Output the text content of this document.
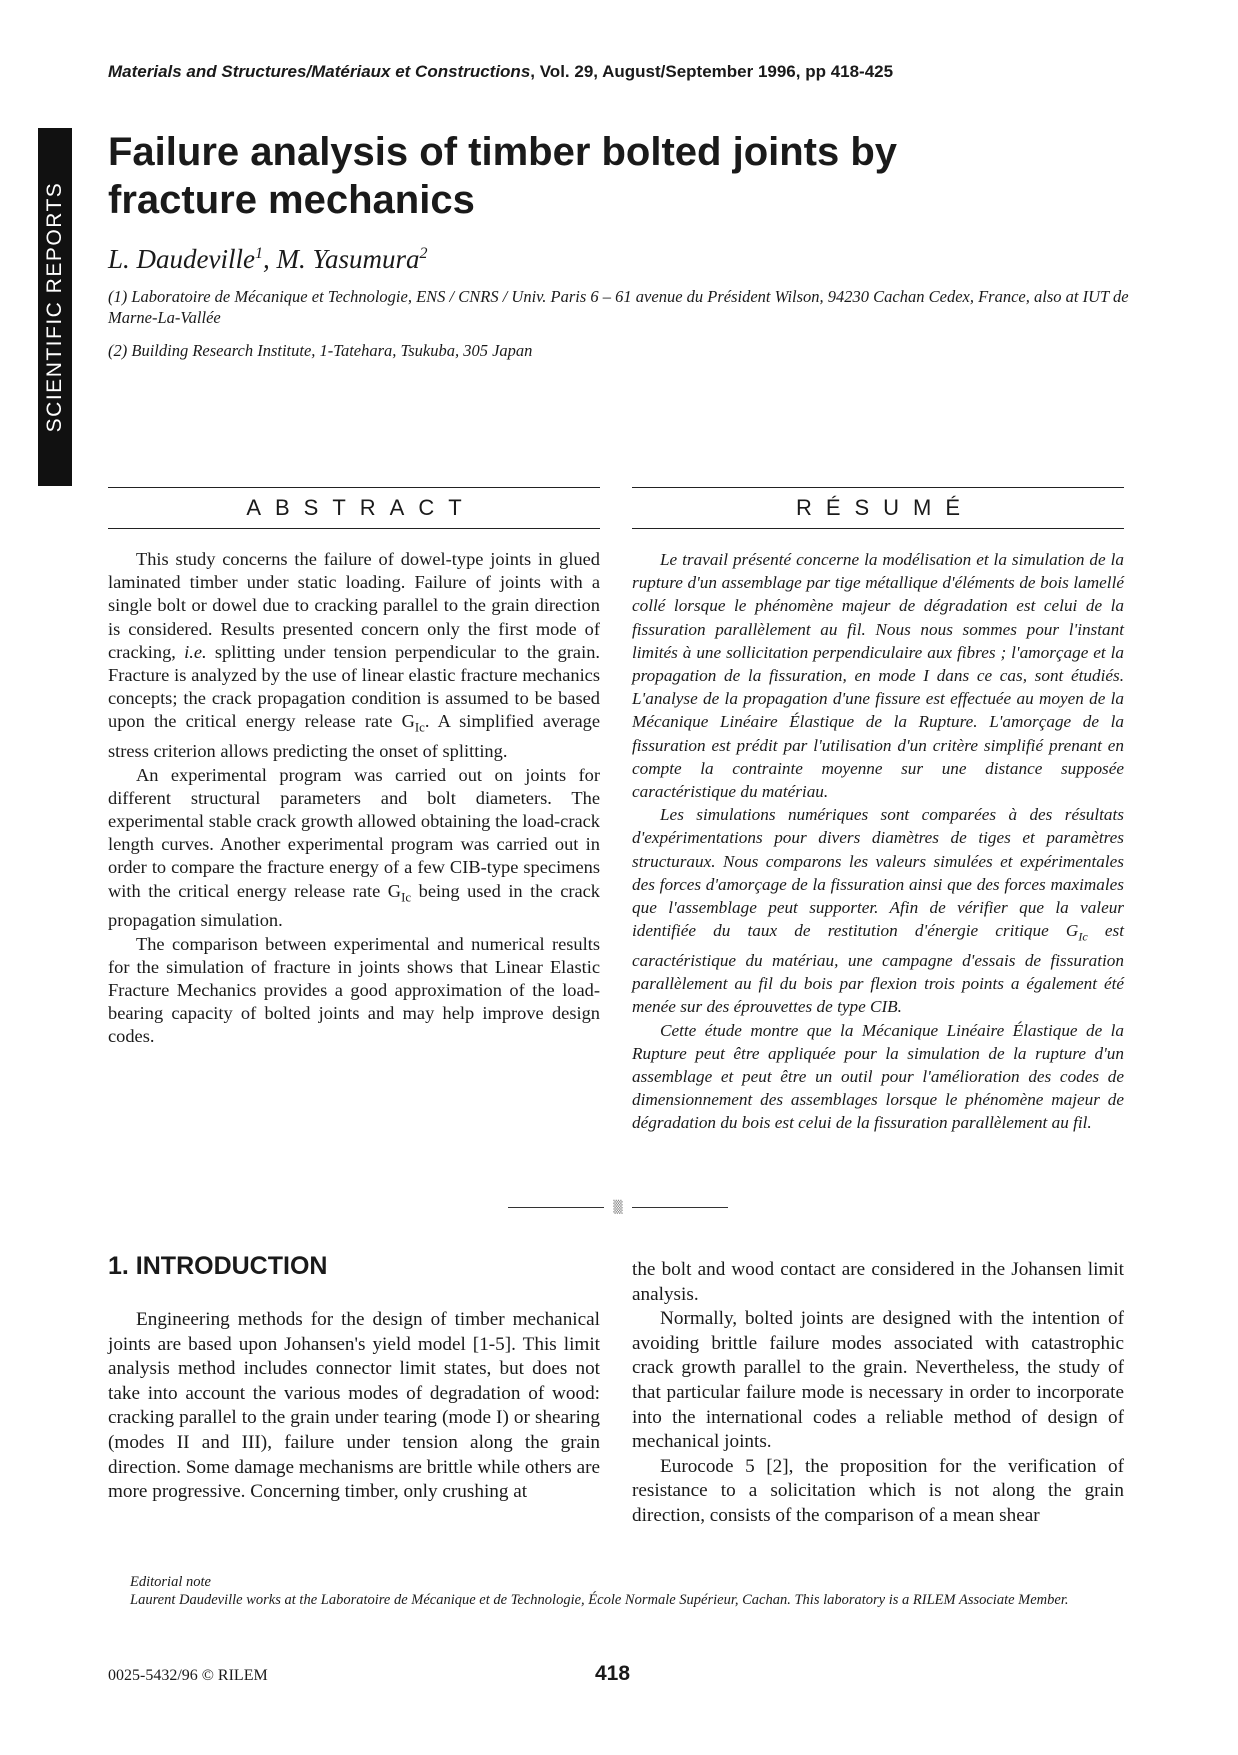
Materials and Structures/Matériaux et Constructions, Vol. 29, August/September 1996, pp 418-425
SCIENTIFIC REPORTS
Failure analysis of timber bolted joints by fracture mechanics
L. Daudeville$^1$, M. Yasumura$^2$
(1) Laboratoire de Mécanique et Technologie, ENS / CNRS / Univ. Paris 6 – 61 avenue du Président Wilson, 94230 Cachan Cedex, France, also at IUT de Marne-La-Vallée
(2) Building Research Institute, 1-Tatehara, Tsukuba, 305 Japan
ABSTRACT	RÉSUMÉ

This study concerns the failure of dowel-type joints in glued laminated timber under static loading. Failure of joints with a single bolt or dowel due to cracking parallel to the grain direction is considered. Results presented concern only the first mode of cracking, i.e. splitting under tension perpendicular to the grain. Fracture is analyzed by the use of linear elastic fracture mechanics concepts; the crack propagation condition is assumed to be based upon the critical energy release rate $G_{Ic}$. A simplified average stress criterion allows predicting the onset of splitting.

An experimental program was carried out on joints for different structural parameters and bolt diameters. The experimental stable crack growth allowed obtaining the load-crack length curves. Another experimental program was carried out in order to compare the fracture energy of a few CIB-type specimens with the critical energy release rate $G_{Ic}$ being used in the crack propagation simulation.

The comparison between experimental and numerical results for the simulation of fracture in joints shows that Linear Elastic Fracture Mechanics provides a good approximation of the load-bearing capacity of bolted joints and may help improve design codes.

Le travail présenté concerne la modélisation et la simulation de la rupture d'un assemblage par tige métallique d'éléments de bois lamellé collé lorsque le phénomène majeur de dégradation est celui de la fissuration parallèlement au fil. Nous nous sommes pour l'instant limités à une sollicitation perpendiculaire aux fibres ; l'amorçage et la propagation de la fissuration, en mode I dans ce cas, sont étudiés. L'analyse de la propagation d'une fissure est effectuée au moyen de la Mécanique Linéaire Élastique de la Rupture. L'amorçage de la fissuration est prédit par l'utilisation d'un critère simplifié prenant en compte la contrainte moyenne sur une distance supposée caractéristique du matériau.

Les simulations numériques sont comparées à des résultats d'expérimentations pour divers diamètres de tiges et paramètres structuraux. Nous comparons les valeurs simulées et expérimentales des forces d'amorçage de la fissuration ainsi que des forces maximales que l'assemblage peut supporter. Afin de vérifier que la valeur identifiée du taux de restitution d'énergie critique $G_{Ic}$ est caractéristique du matériau, une campagne d'essais de fissuration parallèlement au fil du bois par flexion trois points a également été menée sur des éprouvettes de type CIB.

Cette étude montre que la Mécanique Linéaire Élastique de la Rupture peut être appliquée pour la simulation de la rupture d'un assemblage et peut être un outil pour l'amélioration des codes de dimensionnement des assemblages lorsque le phénomène majeur de dégradation du bois est celui de la fissuration parallèlement au fil.

▒
1. INTRODUCTION

Engineering methods for the design of timber mechanical joints are based upon Johansen's yield model [1-5]. This limit analysis method includes connector limit states, but does not take into account the various modes of degradation of wood: cracking parallel to the grain under tearing (mode I) or shearing (modes II and III), failure under tension along the grain direction. Some damage mechanisms are brittle while others are more progressive. Concerning timber, only crushing at

the bolt and wood contact are considered in the Johansen limit analysis.

Normally, bolted joints are designed with the intention of avoiding brittle failure modes associated with catastrophic crack growth parallel to the grain. Nevertheless, the study of that particular failure mode is necessary in order to incorporate into the international codes a reliable method of design of mechanical joints.

Eurocode 5 [2], the proposition for the verification of resistance to a solicitation which is not along the grain direction, consists of the comparison of a mean shear

Editorial note
Laurent Daudeville works at the Laboratoire de Mécanique et de Technologie, École Normale Supérieur, Cachan. This laboratory is a RILEM Associate Member.
0025-5432/96 © RILEM	418
